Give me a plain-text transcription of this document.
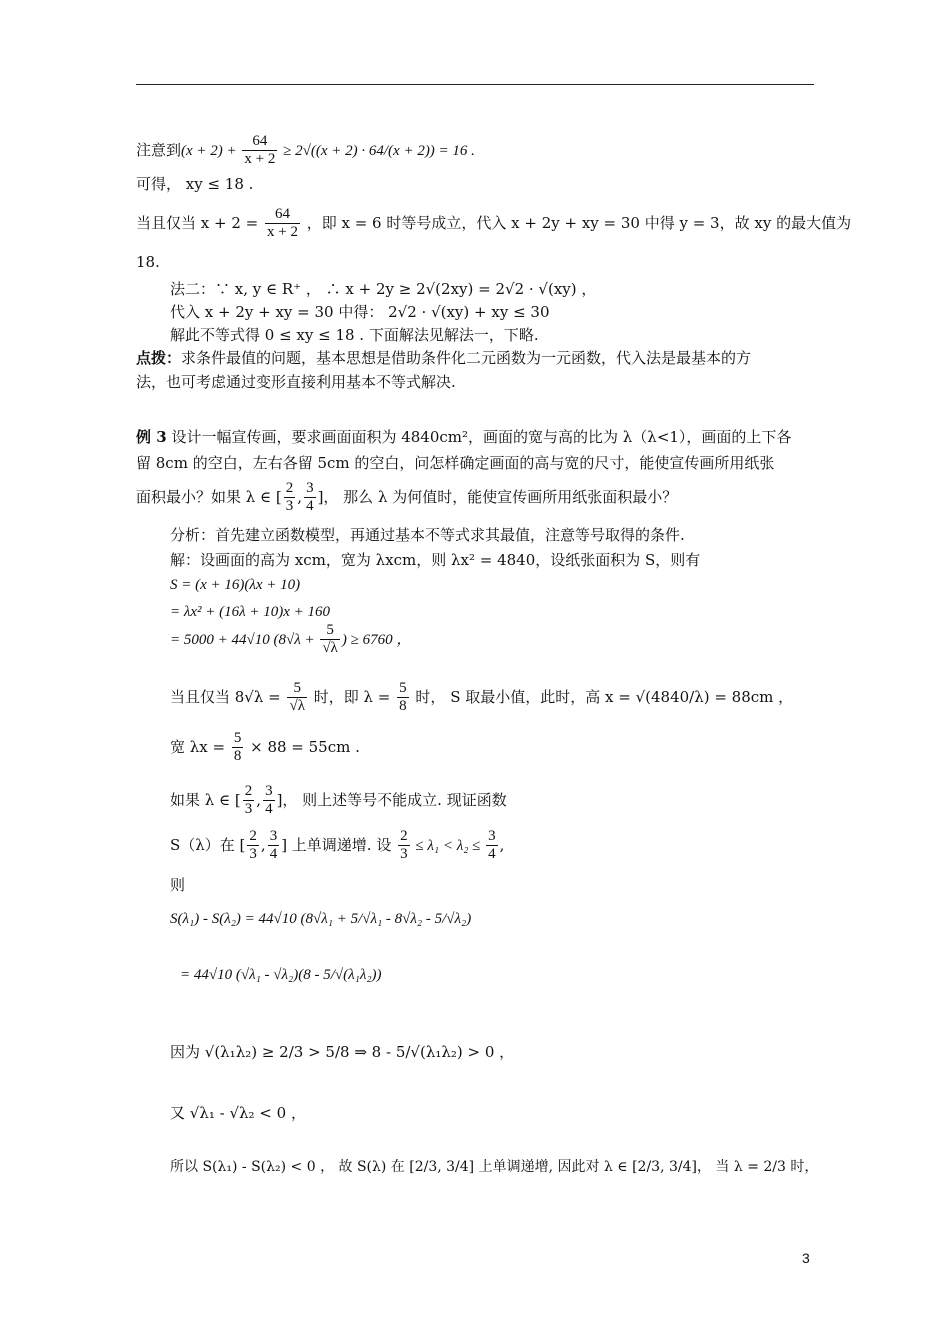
注意到$(x + 2) + \frac{64}{x + 2} \ge 2√((x + 2) \cdot 64/(x + 2)) = 16$ .
可得， xy ≤ 18 .
当且仅当 $x + 2 = \frac{64}{x + 2}$ ，即 x = 6 时等号成立，代入 x + 2y + xy = 30 中得 y = 3，故 xy 的最大值为
18.
法二：∵ x, y ∈ R⁺ ， ∴ x + 2y ≥ 2√(2xy) = 2√2 · √(xy) ，
代入 x + 2y + xy = 30 中得： 2√2 · √(xy) + xy ≤ 30
解此不等式得 0 ≤ xy ≤ 18 . 下面解法见解法一，下略.
点拨：求条件最值的问题，基本思想是借助条件化二元函数为一元函数，代入法是最基本的方
法，也可考虑通过变形直接利用基本不等式解决.
例 3 设计一幅宣传画，要求画面面积为 4840cm²，画面的宽与高的比为 λ（λ<1），画面的上下各
留 8cm 的空白，左右各留 5cm 的空白，问怎样确定画面的高与宽的尺寸，能使宣传画所用纸张
面积最小？如果 λ ∈ [ $\frac{2}{3}$ , $\frac{3}{4}$ ]， 那么 λ 为何值时，能使宣传画所用纸张面积最小？
分析：首先建立函数模型，再通过基本不等式求其最值，注意等号取得的条件.
解：设画面的高为 xcm，宽为 λxcm，则 λx² = 4840，设纸张面积为 S，则有
S = (x + 16)(λx + 10)
= λx² + (16λ + 10)x + 160
= 5000 + 44√10 ($8√\lambda + \frac{5}{√\lambda}$ ) ≥ 6760 ，
当且仅当 $8√\lambda = \frac{5}{√\lambda}$ 时，即 $\lambda = \frac{5}{8}$ 时， S 取最小值，此时，高 x = √(4840/λ) = 88cm ，
宽 $\lambda x = \frac{5}{8} \times 88 = 55cm$ .
如果 λ ∈ [ $\frac{2}{3}$ , $\frac{3}{4}$ ]， 则上述等号不能成立. 现证函数
S（λ）在 [ $\frac{2}{3}$ , $\frac{3}{4}$ ] 上单调递增. 设 $\frac{2}{3} \le \lambda_1 < \lambda_2 \le \frac{3}{4}$ ,
则
S(λ₁) - S(λ₂) = 44√10 (8√λ₁ + 5/√λ₁ - 8√λ₂ - 5/√λ₂)
= 44√10 (√λ₁ - √λ₂)(8 - 5/√(λ₁λ₂))
因为 √(λ₁λ₂) ≥ 2/3 > 5/8 ⇒ 8 - 5/√(λ₁λ₂) > 0 ，
又 √λ₁ - √λ₂ < 0 ，
所以 S(λ₁) - S(λ₂) < 0 ， 故 S(λ) 在 [2/3, 3/4] 上单调递增, 因此对 λ ∈ [2/3, 3/4]， 当 λ = 2/3 时，
3
